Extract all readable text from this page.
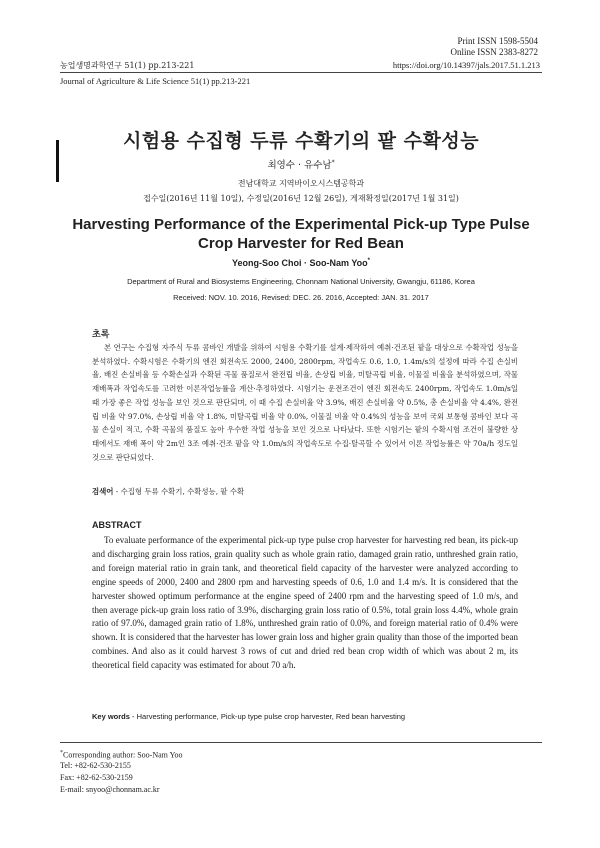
Print ISSN 1598-5504
Online ISSN 2383-8272
농업생명과학연구 51(1) pp.213-221	https://doi.org/10.14397/jals.2017.51.1.213
Journal of Agriculture & Life Science 51(1) pp.213-221
시험용 수집형 두류 수확기의 팥 수확성능
최영수 · 유수남*
전남대학교 지역바이오시스템공학과
접수일(2016년 11월 10일), 수정일(2016년 12월 26일), 게재확정일(2017년 1월 31일)
Harvesting Performance of the Experimental Pick-up Type Pulse Crop Harvester for Red Bean
Yeong-Soo Choi · Soo-Nam Yoo*
Department of Rural and Biosystems Engineering, Chonnam National University, Gwangju, 61186, Korea
Received: NOV. 10. 2016, Revised: DEC. 26. 2016, Accepted: JAN. 31. 2017
초록

본 연구는 수집형 자주식 두류 콤바인 개발을 위하여 시험용 수확기를 설계·제작하여 예취·건조된 팥을 대상으로 수확작업 성능을 분석하였다. 수확시험은 수확기의 엔진 회전속도 2000, 2400, 2800rpm, 작업속도 0.6, 1.0, 1.4m/s의 설정에 따라 수집 손실비율, 배진 손실비율 등 수확손실과 수확된 곡물 품질로서 완전립 비율, 손상립 비율, 미탈곡립 비율, 이물질 비율을 분석하였으며, 작물 재배폭과 작업속도를 고려한 이론작업능률을 계산·추정하였다. 시험기는 운전조건이 엔진 회전속도 2400rpm, 작업속도 1.0m/s일 때 가장 좋은 작업 성능을 보인 것으로 판단되며, 이 때 수집 손실비율 약 3.9%, 배진 손실비율 약 0.5%, 총 손실비율 약 4.4%, 완전립 비율 약 97.0%, 손상립 비율 약 1.8%, 미탈곡립 비율 약 0.0%, 이물질 비율 약 0.4%의 성능을 보여 국외 보통형 콤바인 보다 곡물 손실이 적고, 수확 곡물의 품질도 높아 우수한 작업 성능을 보인 것으로 나타났다. 또한 시험기는 팥의 수확시험 조건이 불량한 상태에서도 재배 폭이 약 2m인 3조 예취·건조 팥을 약 1.0m/s의 작업속도로 수집·탈곡할 수 있어서 이론 작업능률은 약 70a/h 정도일 것으로 판단되었다.

검색어 - 수집형 두류 수확기, 수확성능, 팥 수확
ABSTRACT

To evaluate performance of the experimental pick-up type pulse crop harvester for harvesting red bean, its pick-up and discharging grain loss ratios, grain quality such as whole grain ratio, damaged grain ratio, unthreshed grain ratio, and foreign material ratio in grain tank, and theoretical field capacity of the harvester were analyzed according to engine speeds of 2000, 2400 and 2800 rpm and harvesting speeds of 0.6, 1.0 and 1.4 m/s. It is considered that the harvester showed optimum performance at the engine speed of 2400 rpm and the harvesting speed of 1.0 m/s, and then average pick-up grain loss ratio of 3.9%, discharging grain loss ratio of 0.5%, total grain loss 4.4%, whole grain ratio of 97.0%, damaged grain ratio of 1.8%, unthreshed grain ratio of 0.0%, and foreign material ratio of 0.4% were shown. It is considered that the harvester has lower grain loss and higher grain quality than those of the imported bean combines. And also as it could harvest 3 rows of cut and dried red bean crop width of which was about 2 m, its theoretical field capacity was estimated for about 70 a/h.

Key words - Harvesting performance, Pick-up type pulse crop harvester, Red bean harvesting
*Corresponding author: Soo-Nam Yoo
Tel: +82-62-530-2155
Fax: +82-62-530-2159
E-mail: snyoo@chonnam.ac.kr
